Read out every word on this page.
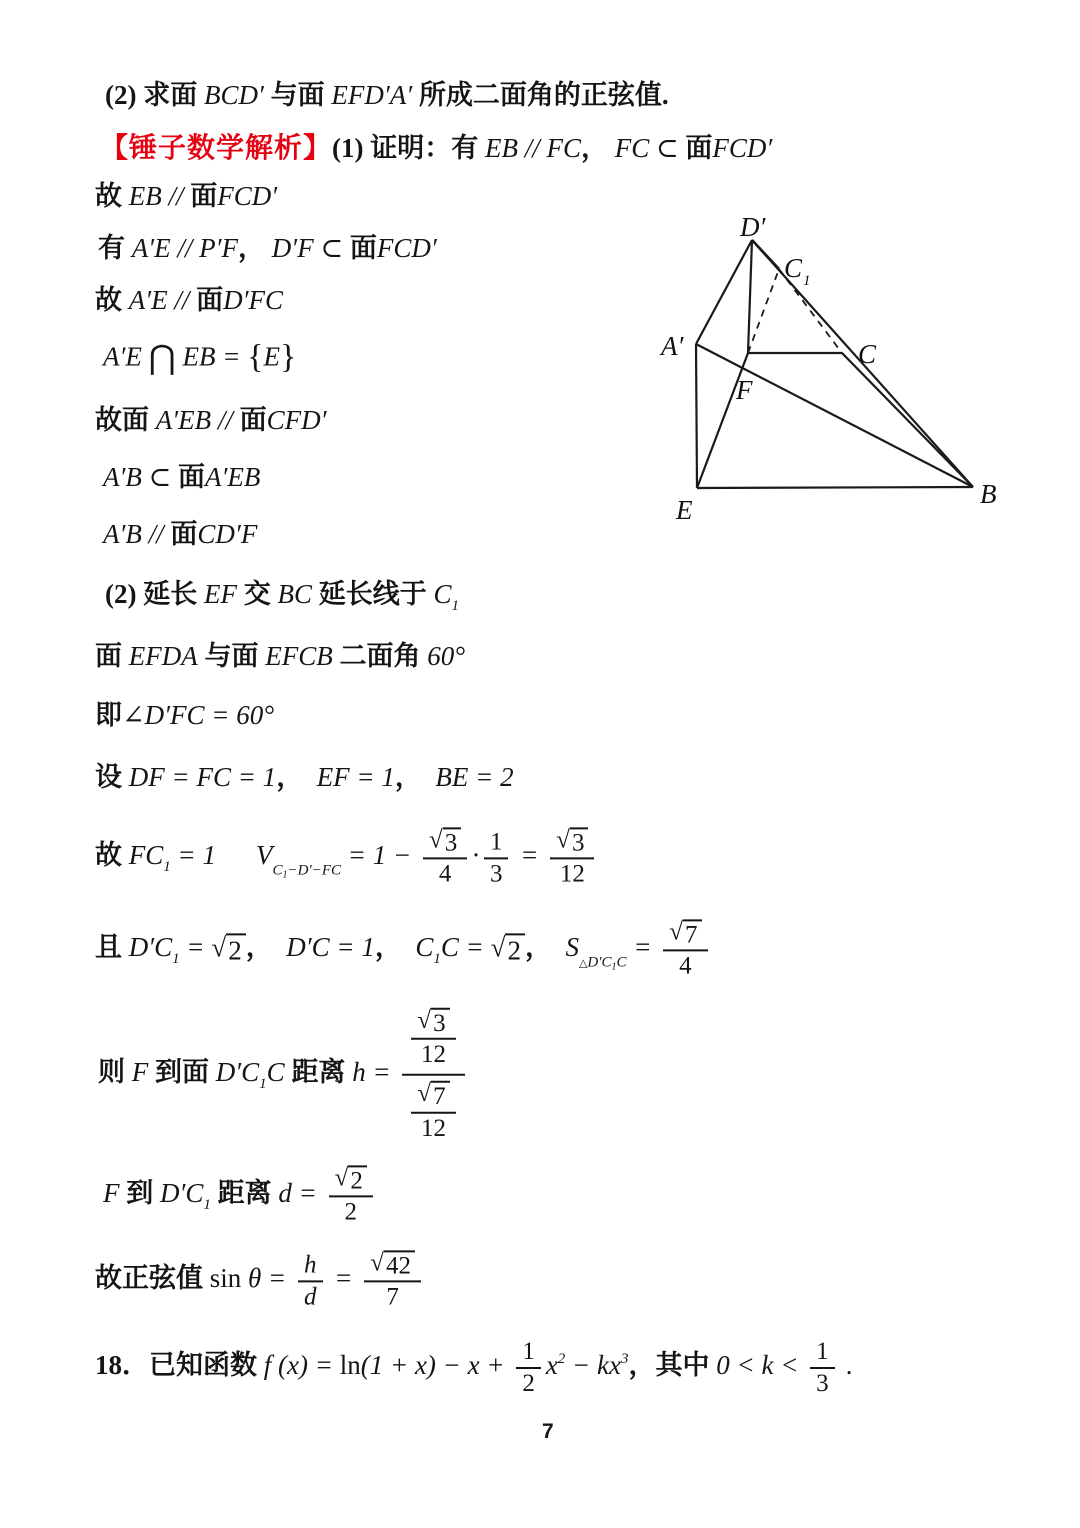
(2) 求面 BCD′ 与面 EFD′A′ 所成二面角的正弦值.
【锤子数学解析】(1) 证明：有 EB // FC， FC ⊂ 面FCD′
故 EB // 面FCD′
有 A′E // P′F， D′F ⊂ 面FCD′
故 A′E // 面D′FC
A′E ⋂ EB = {E}
故面 A′EB // 面CFD′
A′B ⊂ 面A′EB
A′B // 面CD′F
(2) 延长 EF 交 BC 延长线于 $C_1$
面 EFDA 与面 EFCB 二面角 60°
即∠D′FC = 60°
设 DF = FC = 1，  EF = 1，  BE = 2
故 $FC_1 = 1$ $V_{C_1-D'-FC} = 1 - \frac{√ 3}{4} \cdot \frac{1}{3} = \frac{√ 3}{12}$
且 $D'C_1$ = √ 2 ，  D′C = 1，  $C_1C$ = √ 2 ，  $S_{\triangle D'C_1C} = \frac{√ 7}{4}$
则 F 到面 $D'C_1C$ 距离 $h = \frac{\frac{√ 3}{12}}{\frac{√ 7}{12}}$
F 到 $D'C_1$ 距离 $d = \frac{√ 2}{2}$
故正弦值 $\sin \theta = \frac{h}{d} = \frac{√ 42}{7}$
18．已知函数 f $(x) = \ln(1 + x) - x + \frac{1}{2} x^2 - kx^3$，其中 $0 < k < \frac{1}{3}$ .
D′
C 1
A′	C
F
E
B
7
